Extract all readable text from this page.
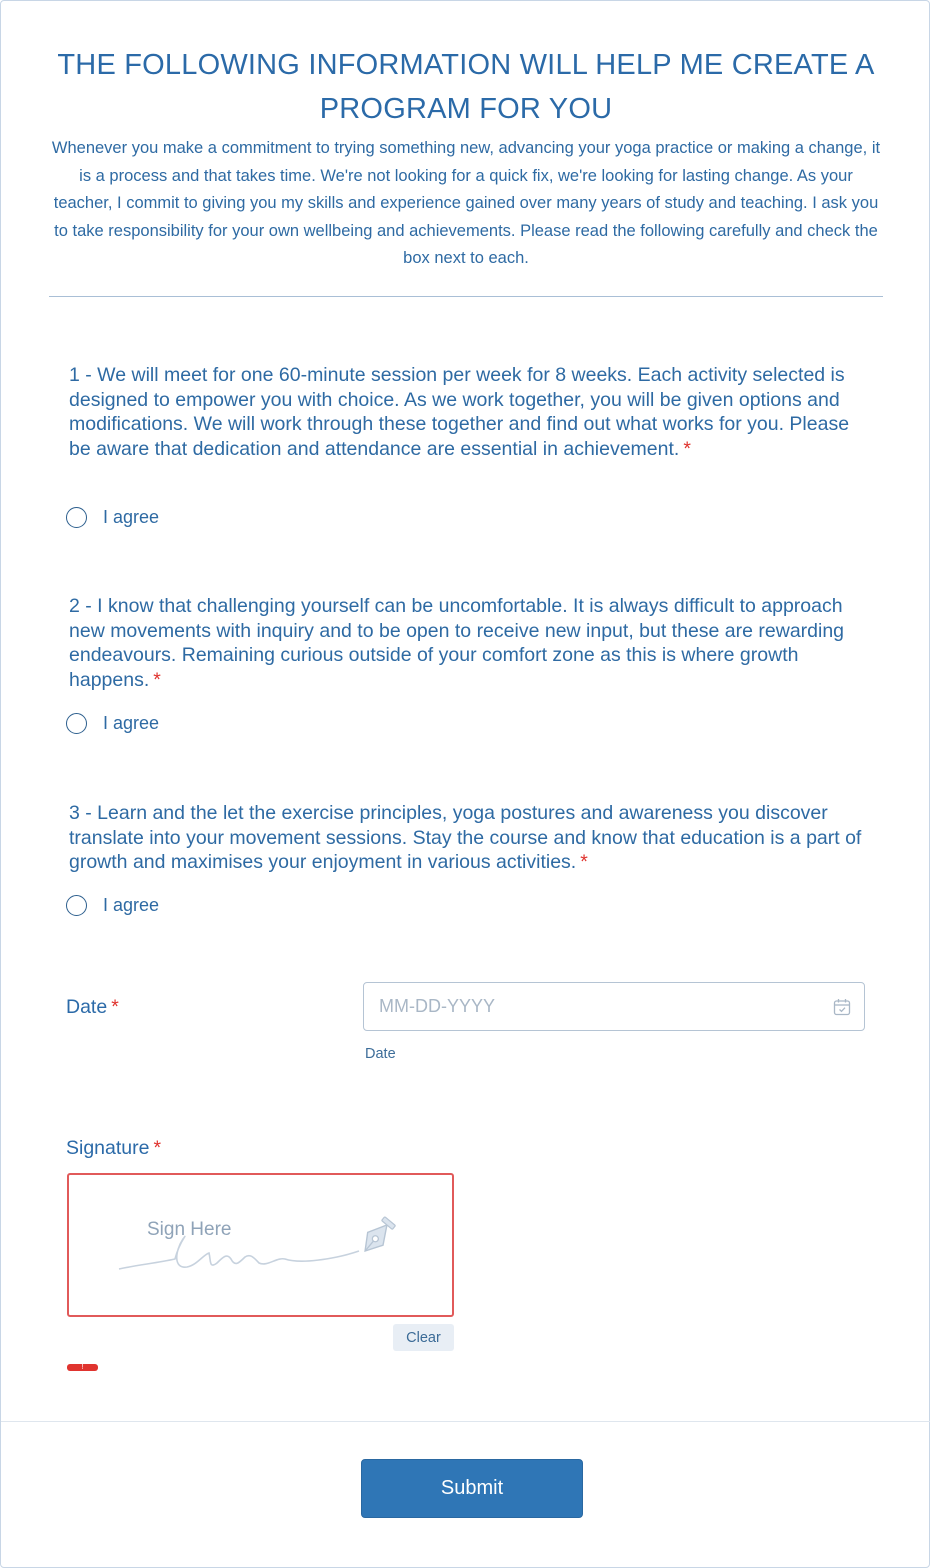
THE FOLLOWING INFORMATION WILL HELP ME CREATE A PROGRAM FOR YOU

Whenever you make a commitment to trying something new, advancing your yoga practice or making a change, it is a process and that takes time. We're not looking for a quick fix, we're looking for lasting change. As your teacher, I commit to giving you my skills and experience gained over many years of study and teaching. I ask you to take responsibility for your own wellbeing and achievements. Please read the following carefully and check the box next to each.

1 - We will meet for one 60-minute session per week for 8 weeks. Each activity selected is designed to empower you with choice. As we work together, you will be given options and modifications. We will work through these together and find out what works for you. Please be aware that dedication and attendance are essential in achievement. *
I agree
2 - I know that challenging yourself can be uncomfortable. It is always difficult to approach new movements with inquiry and to be open to receive new input, but these are rewarding endeavours. Remaining curious outside of your comfort zone as this is where growth happens. *
I agree
3 - Learn and the let the exercise principles, yoga postures and awareness you discover translate into your movement sessions. Stay the course and know that education is a part of growth and maximises your enjoyment in various activities. *
I agree
Date *
MM-DD-YYYY
Date
Signature *
Sign Here
Clear
!
Submit
